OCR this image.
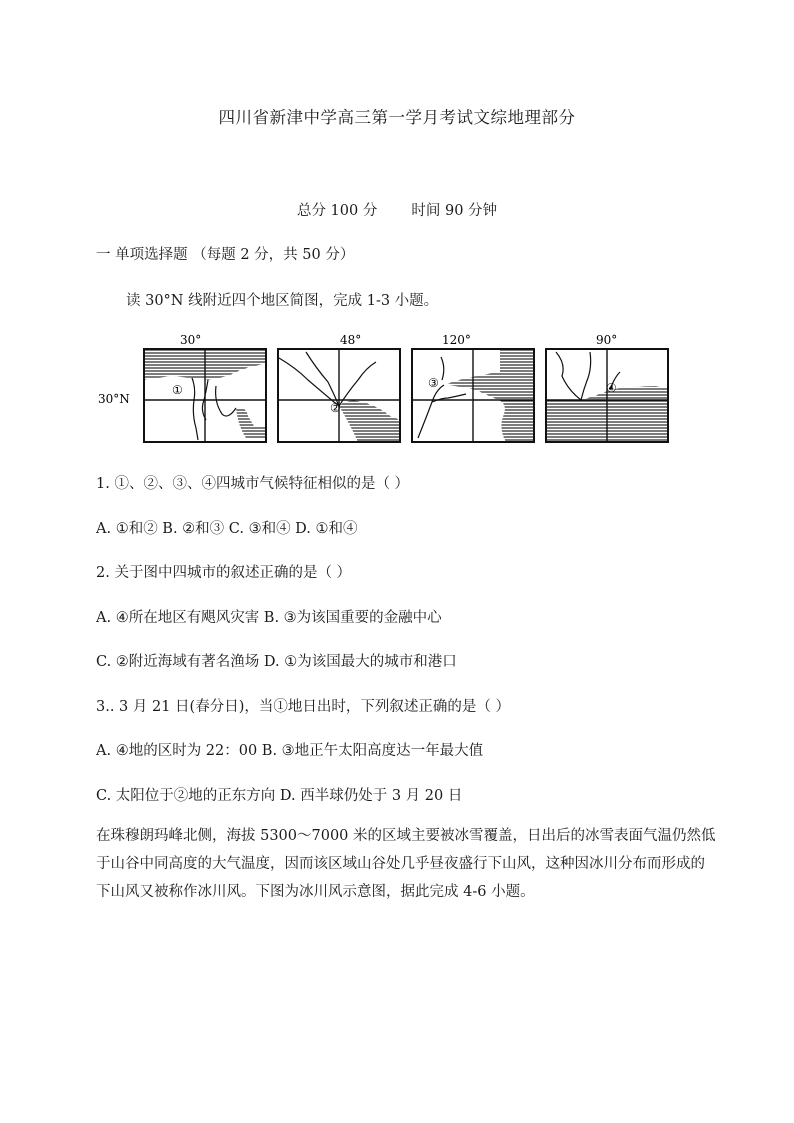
四川省新津中学高三第一学月考试文综地理部分
总分 100 分 时间 90 分钟
一 单项选择题 （每题 2 分，共 50 分）
读 30°N 线附近四个地区简图，完成 1-3 小题。
30°N
30°
①
48°
②
120°
③
90°
④
1. ①、②、③、④四城市气候特征相似的是（ ）
A. ①和② B. ②和③ C. ③和④ D. ①和④
2. 关于图中四城市的叙述正确的是（ ）
A. ④所在地区有飓风灾害 B. ③为该国重要的金融中心
C. ②附近海域有著名渔场 D. ①为该国最大的城市和港口
3.. 3 月 21 日(春分日)，当①地日出时，下列叙述正确的是（ ）
A. ④地的区时为 22：00 B. ③地正午太阳高度达一年最大值
C. 太阳位于②地的正东方向 D. 西半球仍处于 3 月 20 日
在珠穆朗玛峰北侧，海拔 5300～7000 米的区域主要被冰雪覆盖，日出后的冰雪表面气温仍然低于山谷中同高度的大气温度，因而该区域山谷处几乎昼夜盛行下山风，这种因冰川分布而形成的下山风又被称作冰川风。下图为冰川风示意图，据此完成 4-6 小题。
